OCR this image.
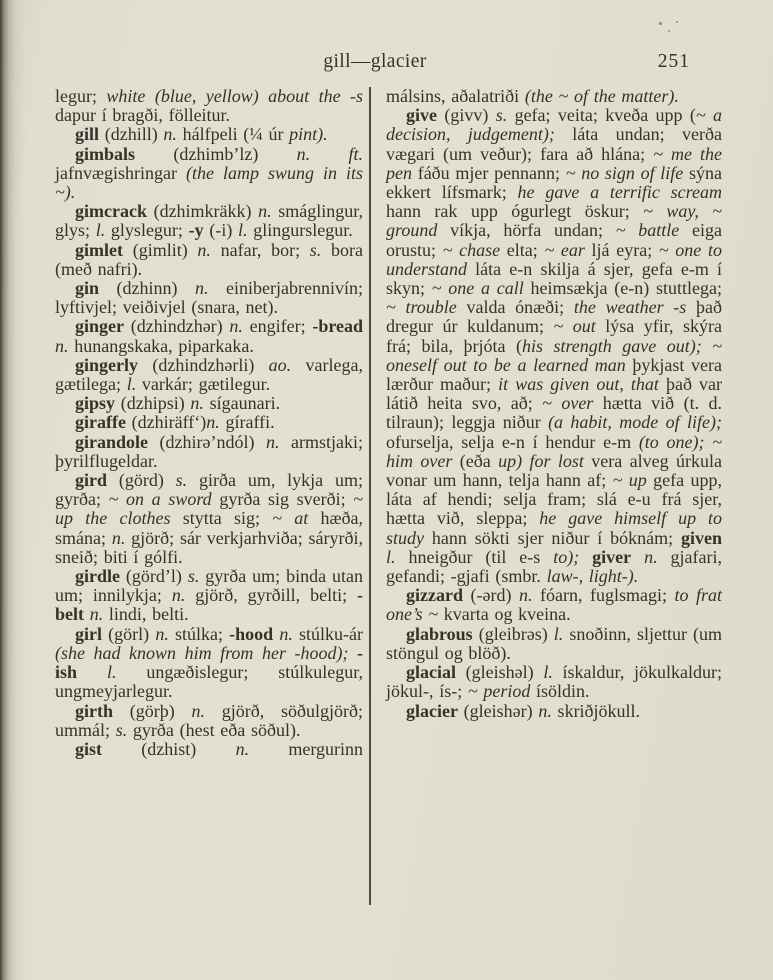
gill—glacier	251

legur; white (blue, yellow) about the -s dapur í bragði, fölleitur.

gill (dzhill) n. hálfpeli (¼ úr pint).

gimbals (dzhimb’lz) n. ft. jafnvægishringar (the lamp swung in its ~).

gimcrack (dzhimkräkk) n. smáglingur, glys; l. glyslegur; -y (-i) l. glingurslegur.

gimlet (gimlit) n. nafar, bor; s. bora (með nafri).

gin (dzhinn) n. einiberjabrennivín; lyftivjel; veiðivjel (snara, net).

ginger (dzhindzhər) n. engifer; -bread n. hunangskaka, piparkaka.

gingerly (dzhindzhərli) ao. varlega, gætilega; l. varkár; gætilegur.

gipsy (dzhipsi) n. sígaunari.

giraffe (dzhiräff‘)n. gíraffi.

girandole (dzhirə’ndól) n. armstjaki; þyrilflugeldar.

gird (görd) s. girða um, lykja um; gyrða; ~ on a sword gyrða sig sverði; ~ up the clothes stytta sig; ~ at hæða, smána; n. gjörð; sár verkjarhviða; sáryrði, sneið; biti í gólfi.

girdle (görd’l) s. gyrða um; binda utan um; innilykja; n. gjörð, gyrðill, belti; -belt n. lindi, belti.

girl (görl) n. stúlka; -hood n. stúlku-ár (she had known him from her -hood); -ish l. ungæðislegur; stúlkulegur, ungmeyjarlegur.

girth (görþ) n. gjörð, söðulgjörð; ummál; s. gyrða (hest eða söðul).

gist (dzhist) n. mergurinn

málsins, aðalatriði (the ~ of the matter).

give (givv) s. gefa; veita; kveða upp (~ a decision, judgement); láta undan; verða vægari (um veður); fara að hlána; ~ me the pen fáðu mjer pennann; ~ no sign of life sýna ekkert lífsmark; he gave a terrific scream hann rak upp ógurlegt öskur; ~ way, ~ ground víkja, hörfa undan; ~ battle eiga orustu; ~ chase elta; ~ ear ljá eyra; ~ one to understand láta e-n skilja á sjer, gefa e-m í skyn; ~ one a call heimsækja (e-n) stuttlega; ~ trouble valda ónæði; the weather -s það dregur úr kuldanum; ~ out lýsa yfir, skýra frá; bila, þrjóta (his strength gave out); ~ oneself out to be a learned man þykjast vera lærður maður; it was given out, that það var látið heita svo, að; ~ over hætta við (t. d. tilraun); leggja niður (a habit, mode of life); ofurselja, selja e-n í hendur e-m (to one); ~ him over (eða up) for lost vera alveg úrkula vonar um hann, telja hann af; ~ up gefa upp, láta af hendi; selja fram; slá e-u frá sjer, hætta við, sleppa; he gave himself up to study hann sökti sjer niður í bóknám; given l. hneigður (til e-s to); giver n. gjafari, gefandi; -gjafi (smbr. law-, light-).

gizzard (-ərd) n. fóarn, fuglsmagi; to frat one’s ~ kvarta og kveina.

glabrous (gleibrəs) l. snoðinn, sljettur (um stöngul og blöð).

glacial (gleishəl) l. ískaldur, jökulkaldur; jökul-, ís-; ~ period ísöldin.

glacier (gleishər) n. skriðjökull.
